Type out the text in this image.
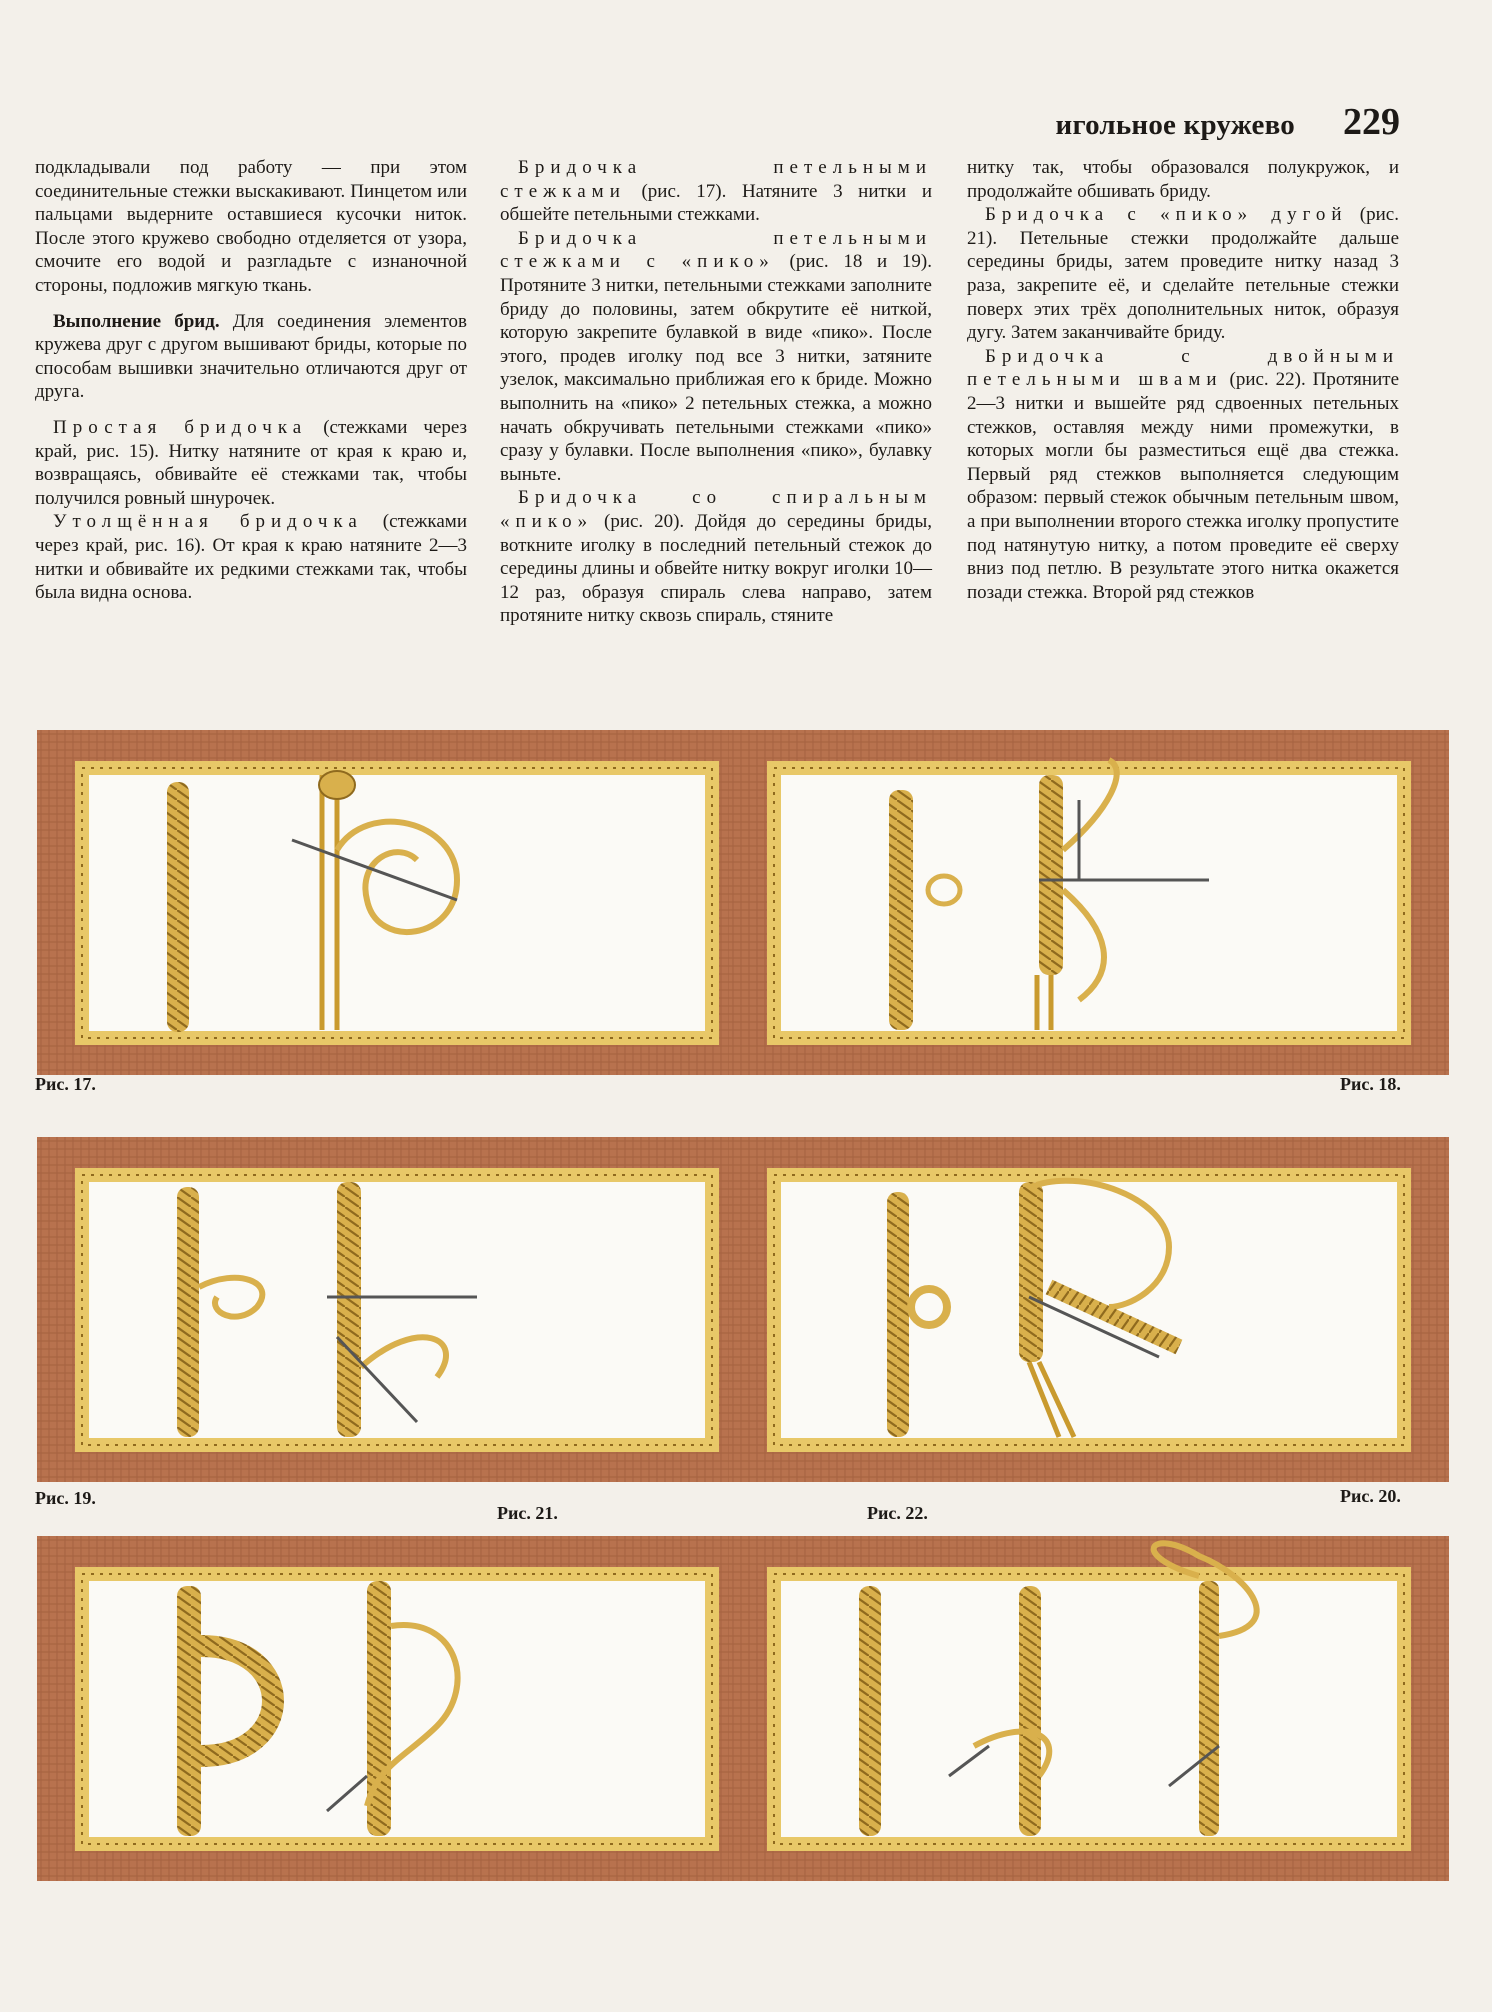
игольное кружево 229

подкладывали под работу — при этом соединительные стежки выскакивают. Пинцетом или пальцами выдерните оставшиеся кусочки ниток. После этого кружево свободно отделяется от узора, смочите его водой и разгладьте с изнаночной стороны, подложив мягкую ткань.

Выполнение брид. Для соединения элементов кружева друг с другом вышивают бриды, которые по способам вышивки значительно отличаются друг от друга.

Простая бридочка (стежками через край, рис. 15). Нитку натяните от края к краю и, возвращаясь, обвивайте её стежками так, чтобы получился ровный шнурочек.

Утолщённая бридочка (стежками через край, рис. 16). От края к краю натяните 2—3 нитки и обвивайте их редкими стежками так, чтобы была видна основа.

Бридочка петельными стежками (рис. 17). Натяните 3 нитки и обшейте петельными стежками.

Бридочка петельными стежками с «пико» (рис. 18 и 19). Протяните 3 нитки, петельными стежками заполните бриду до половины, затем обкрутите её ниткой, которую закрепите булавкой в виде «пико». После этого, продев иголку под все 3 нитки, затяните узелок, максимально приближая его к бриде. Можно выполнить на «пико» 2 петельных стежка, а можно начать обкручивать петельными стежками «пико» сразу у булавки. После выполнения «пико», булавку выньте.

Бридочка со спиральным «пико» (рис. 20). Дойдя до середины бриды, воткните иголку в последний петельный стежок до середины длины и обвейте нитку вокруг иголки 10—12 раз, образуя спираль слева направо, затем протяните нитку сквозь спираль, стяните

нитку так, чтобы образовался полукружок, и продолжайте обшивать бриду.

Бридочка с «пико» дугой (рис. 21). Петельные стежки продолжайте дальше середины бриды, затем проведите нитку назад 3 раза, закрепите её, и сделайте петельные стежки поверх этих трёх дополнительных ниток, образуя дугу. Затем заканчивайте бриду.

Бридочка с двойными петельными швами (рис. 22). Протяните 2—3 нитки и вышейте ряд сдвоенных петельных стежков, оставляя между ними промежутки, в которых могли бы разместиться ещё два стежка. Первый ряд стежков выполняется следующим образом: первый стежок обычным петельным швом, а при выполнении второго стежка иголку пропустите под натянутую нитку, а потом проведите её сверху вниз под петлю. В результате этого нитка окажется позади стежка. Второй ряд стежков

Рис. 17.	Рис. 18.
Рис. 19.
Рис. 21.
Рис. 20.
Рис. 22.
